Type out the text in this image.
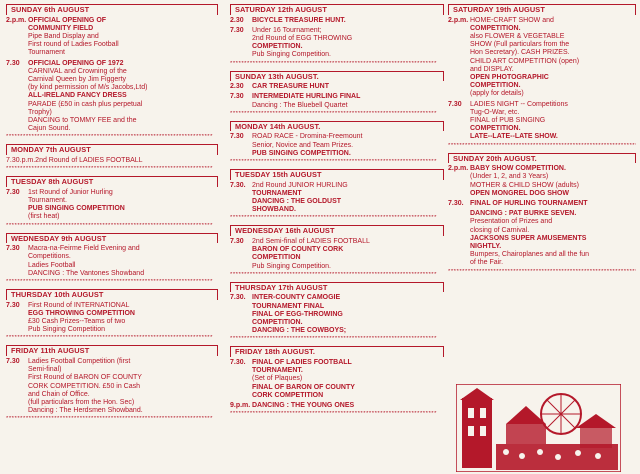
SUNDAY 6th AUGUST
2.p.m. OFFICIAL OPENING OF
COMMUNITY FIELD
Pipe Band Display and
First round of Ladies Football
Tournament
7.30	OFFICIAL OPENING OF 1972
CARNIVAL and Crowning of the
Carnival Queen by Jim Figgerty
(by kind permission of M/s Jacobs,Ltd)
ALL-IRELAND FANCY DRESS
PARADE (£50 in cash plus perpetual
Trophy)
DANCING to TOMMY FEE and the
Cajun Sound.
*****
MONDAY 7th AUGUST
7.30.p.m.2nd Round of LADIES FOOTBALL
*****
TUESDAY 8th AUGUST
7.30	1st Round of Junior Hurling
Tournament.
PUB SINGING COMPETITION
(first heat)
*****
WEDNESDAY 9th AUGUST
7.30	Macra-na-Feirme Field Evening and
Competitions.
Ladies Football
DANCING : The Vantones Showband
*****
THURSDAY 10th AUGUST
7.30	First Round of INTERNATIONAL
EGG THROWING COMPETITION
£30 Cash Prizes--Teams of two
Pub Singing Competition
*****
FRIDAY 11th AUGUST
7.30	Ladies Football Competition (first
Semi-final)
First Round of BARON OF COUNTY
CORK COMPETITION. £50 in Cash
and Chain of Office.
(full particulars from the Hon. Sec)
Dancing : The Herdsmen Showband.
*****
SATURDAY 12th AUGUST
2.30	BICYCLE TREASURE HUNT.
7.30	Under 16 Tournament;
2nd Round of EGG THROWING
COMPETITION.
Pub Singing Competition.
*****
SUNDAY 13th AUGUST.
2.30	CAR TREASURE HUNT
7.30	INTERMEDIATE HURLING FINAL
Dancing : The Bluebell Quartet
*****
MONDAY 14th AUGUST.
7.30	ROAD RACE - Dromina-Freemount
Senior, Novice and Team Prizes.
PUB SINGING COMPETITION.
*****
TUESDAY 15th AUGUST
7.30. 2nd Round JUNIOR HURLING
TOURNAMENT
DANCING : THE GOLDUST
SHOWBAND.
*****
WEDNESDAY 16th AUGUST
7.30	2nd Semi-final of LADIES FOOTBALL
BARON OF COUNTY CORK
COMPETITION
Pub Singing Competition.
*****
THURSDAY 17th AUGUST
7.30. INTER-COUNTY CAMOGIE
TOURNAMENT FINAL
FINAL OF EGG-THROWING
COMPETITION.
DANCING : THE COWBOYS;
*****
FRIDAY 18th AUGUST.
7.30. FINAL OF LADIES FOOTBALL
TOURNAMENT.
(Set of Plaques)
FINAL OF BARON OF COUNTY
CORK COMPETITION
9.p.m. DANCING : THE YOUNG ONES
*****
SATURDAY 19th AUGUST
2.p.m. HOME-CRAFT SHOW and
COMPETITION.
also FLOWER & VEGETABLE
SHOW (Full particulars from the
Hon Secretary). CASH PRIZES.
CHILD ART COMPETITION (open)
and DISPLAY.
OPEN PHOTOGRAPHIC
COMPETITION.
(apply for details)
7.30	LADIES NIGHT -- Competitions
Tug-O-War, etc.
FINAL of PUB SINGING
COMPETITION.
LATE--LATE--LATE SHOW.
*****
SUNDAY 20th AUGUST.
2.p.m. BABY SHOW COMPETITION.
(Under 1, 2, and 3 Years)
MOTHER & CHILD SHOW (adults)
OPEN MONGREL DOG SHOW
7.30. FINAL OF HURLING TOURNAMENT
DANCING : PAT BURKE SEVEN.
Presentation of Prizes and
closing of Carnival.
JACKSONS SUPER AMUSEMENTS
NIGHTLY.
Bumpers, Chairoplanes and all the fun
of the Fair.
*****
